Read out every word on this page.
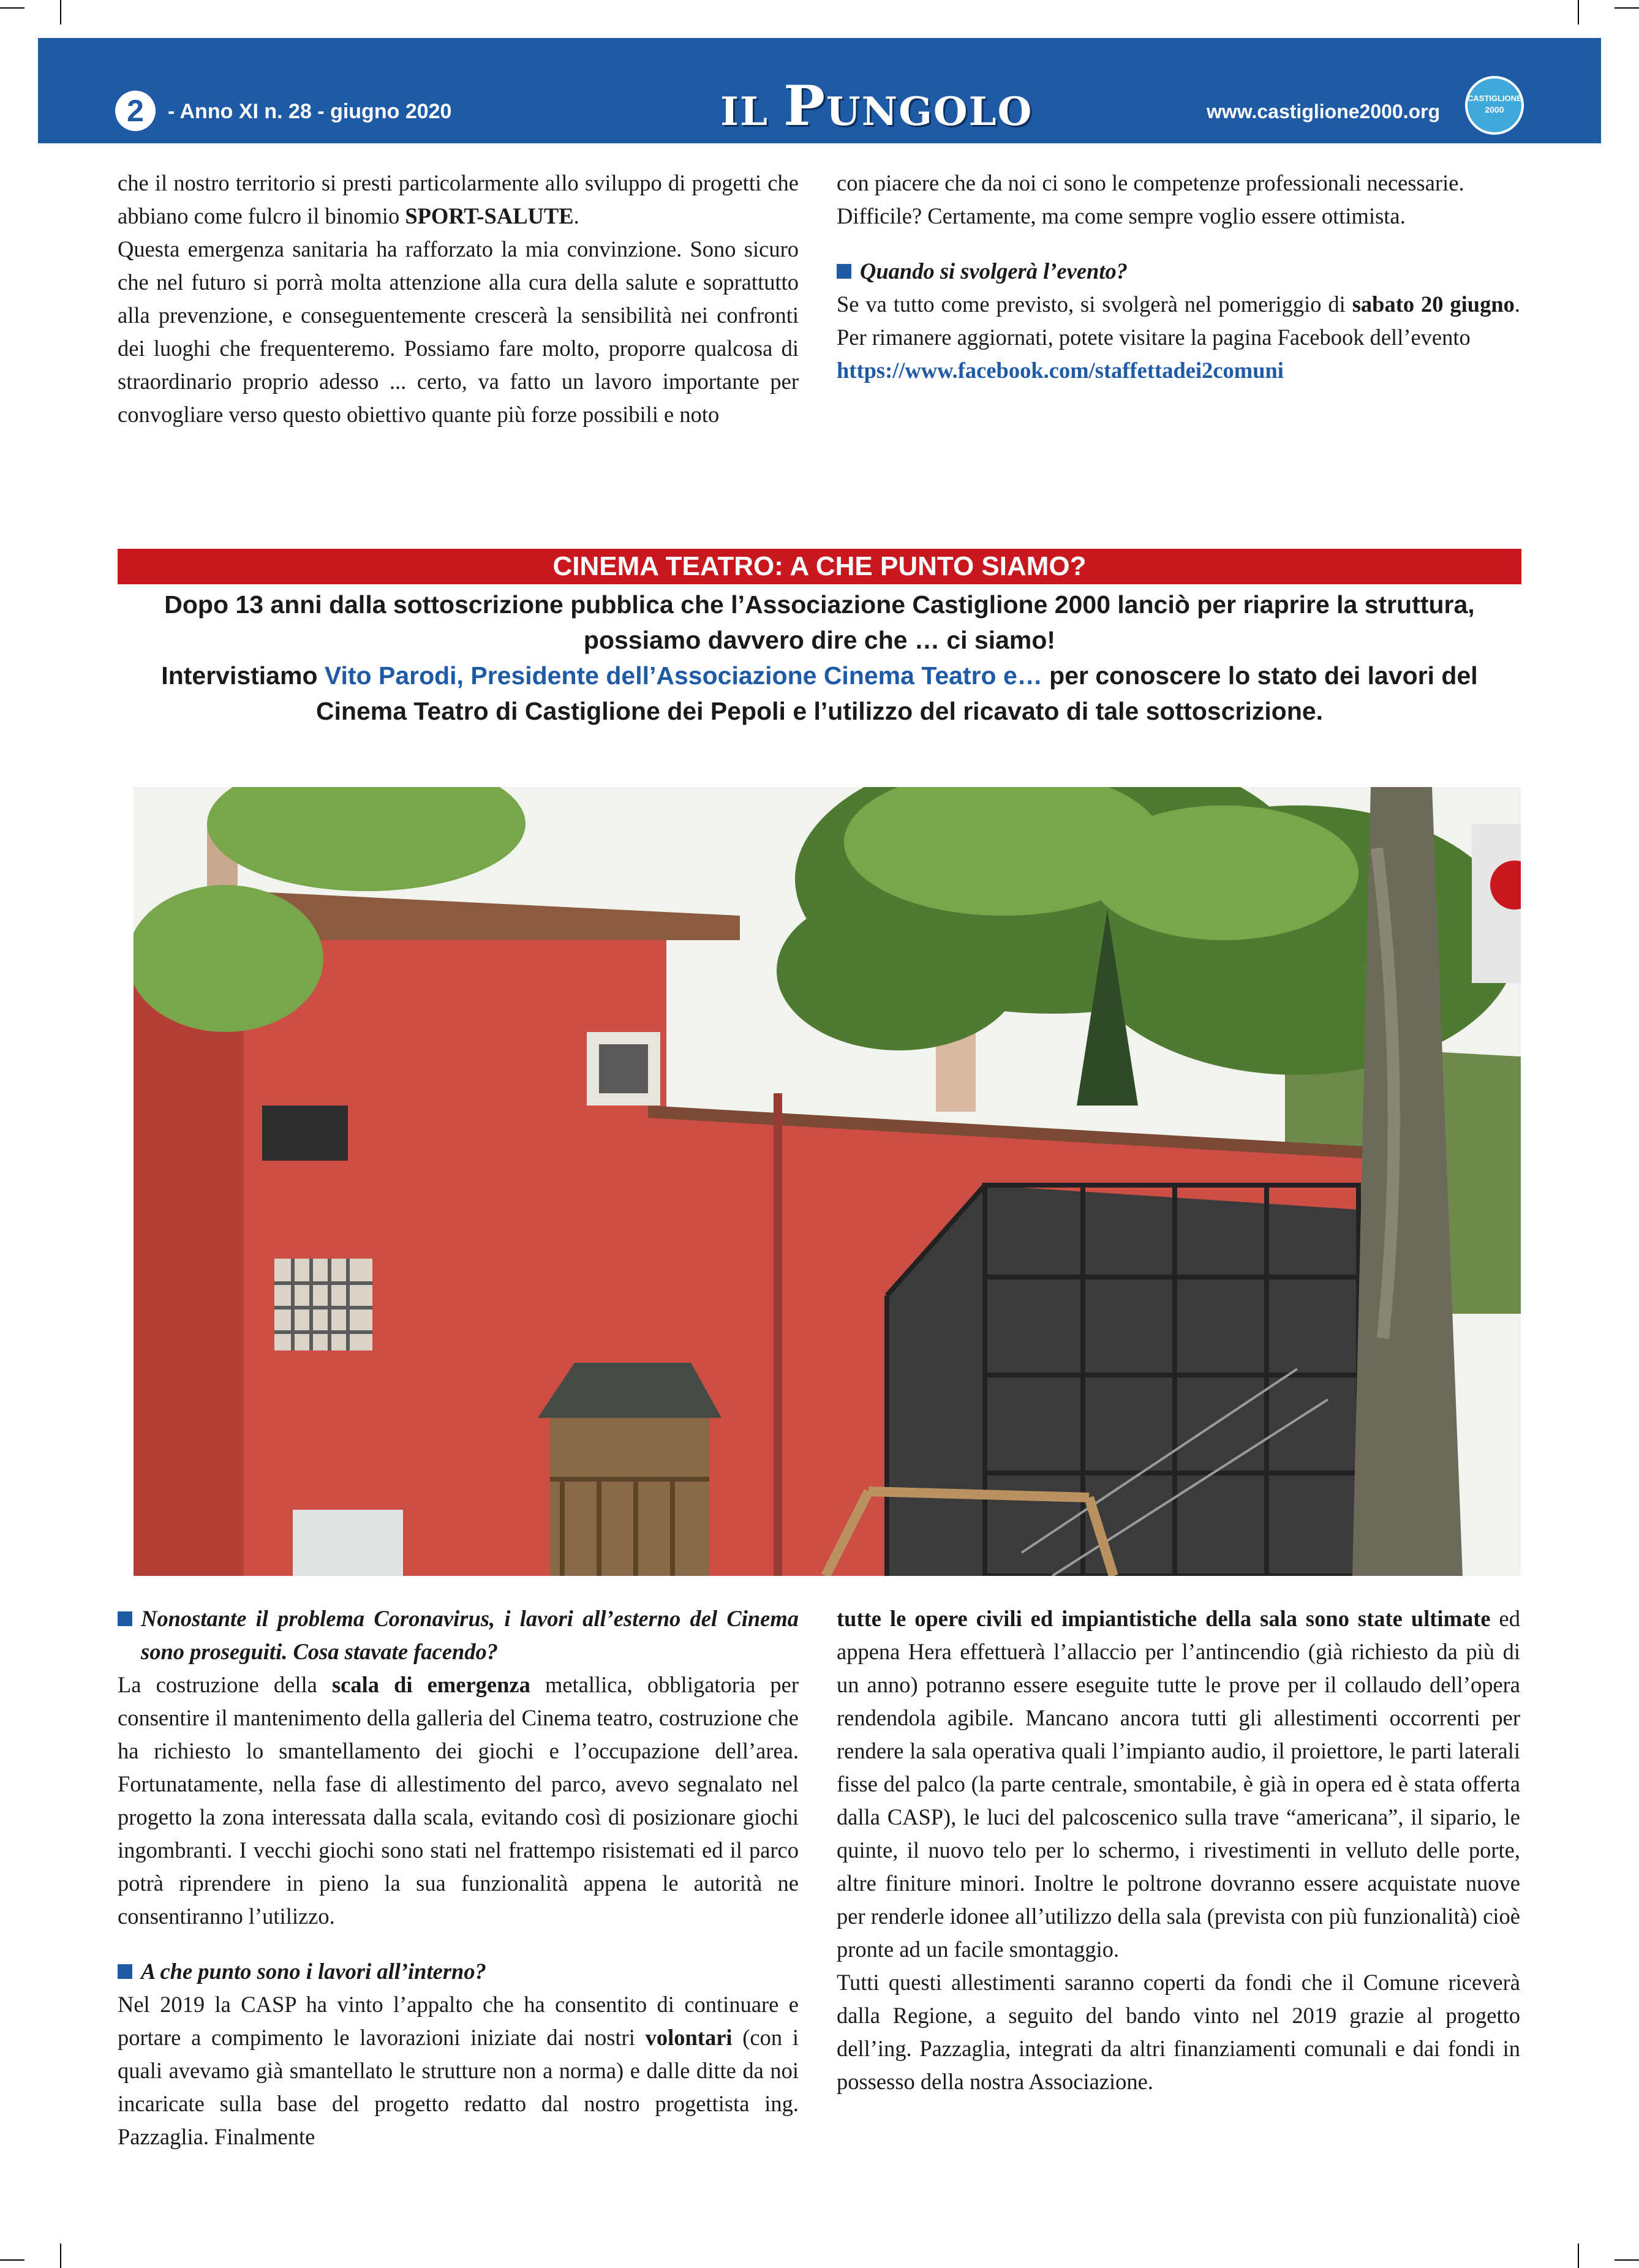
2	- Anno XI n. 28 - giugno 2020	IL PUNGOLO	www.castiglione2000.org
CASTIGLIONE
2000

che il nostro territorio si presti particolarmente allo sviluppo di progetti che abbiano come fulcro il binomio SPORT-SALUTE.

Questa emergenza sanitaria ha rafforzato la mia convinzione. Sono sicuro che nel futuro si porrà molta attenzione alla cura della salute e soprattutto alla prevenzione, e conseguentemente crescerà la sensibilità nei confronti dei luoghi che frequenteremo. Possiamo fare molto, proporre qualcosa di straordinario proprio adesso ... certo, va fatto un lavoro importante per convogliare verso questo obiettivo quante più forze possibili e noto

con piacere che da noi ci sono le competenze professionali necessarie.

Difficile? Certamente, ma come sempre voglio essere ottimista.

Quando si svolgerà l’evento?

Se va tutto come previsto, si svolgerà nel pomeriggio di sabato 20 giugno. Per rimanere aggiornati, potete visitare la pagina Facebook dell’evento

https://www.facebook.com/staffettadei2comuni

CINEMA TEATRO: A CHE PUNTO SIAMO?

Dopo 13 anni dalla sottoscrizione pubblica che l’Associazione Castiglione 2000 lanciò per riaprire la struttura, possiamo davvero dire che … ci siamo!

Intervistiamo Vito Parodi, Presidente dell’Associazione Cinema Teatro e… per conoscere lo stato dei lavori del Cinema Teatro di Castiglione dei Pepoli e l’utilizzo del ricavato di tale sottoscrizione.

Nonostante il problema Coronavirus, i lavori all’esterno del Cinema sono proseguiti. Cosa stavate facendo?

La costruzione della scala di emergenza metallica, obbligatoria per consentire il mantenimento della galleria del Cinema teatro, costruzione che ha richiesto lo smantellamento dei giochi e l’occupazione dell’area. Fortunatamente, nella fase di allestimento del parco, avevo segnalato nel progetto la zona interessata dalla scala, evitando così di posizionare giochi ingombranti. I vecchi giochi sono stati nel frattempo risistemati ed il parco potrà riprendere in pieno la sua funzionalità appena le autorità ne consentiranno l’utilizzo.

A che punto sono i lavori all’interno?

Nel 2019 la CASP ha vinto l’appalto che ha consentito di continuare e portare a compimento le lavorazioni iniziate dai nostri volontari (con i quali avevamo già smantellato le strutture non a norma) e dalle ditte da noi incaricate sulla base del progetto redatto dal nostro progettista ing. Pazzaglia. Finalmente

tutte le opere civili ed impiantistiche della sala sono state ultimate ed appena Hera effettuerà l’allaccio per l’antincendio (già richiesto da più di un anno) potranno essere eseguite tutte le prove per il collaudo dell’opera rendendola agibile. Mancano ancora tutti gli allestimenti occorrenti per rendere la sala operativa quali l’impianto audio, il proiettore, le parti laterali fisse del palco (la parte centrale, smontabile, è già in opera ed è stata offerta dalla CASP), le luci del palcoscenico sulla trave “americana”, il sipario, le quinte, il nuovo telo per lo schermo, i rivestimenti in velluto delle porte, altre finiture minori. Inoltre le poltrone dovranno essere acquistate nuove per renderle idonee all’utilizzo della sala (prevista con più funzionalità) cioè pronte ad un facile smontaggio.

Tutti questi allestimenti saranno coperti da fondi che il Comune riceverà dalla Regione, a seguito del bando vinto nel 2019 grazie al progetto dell’ing. Pazzaglia, integrati da altri finanziamenti comunali e dai fondi in possesso della nostra Associazione.
